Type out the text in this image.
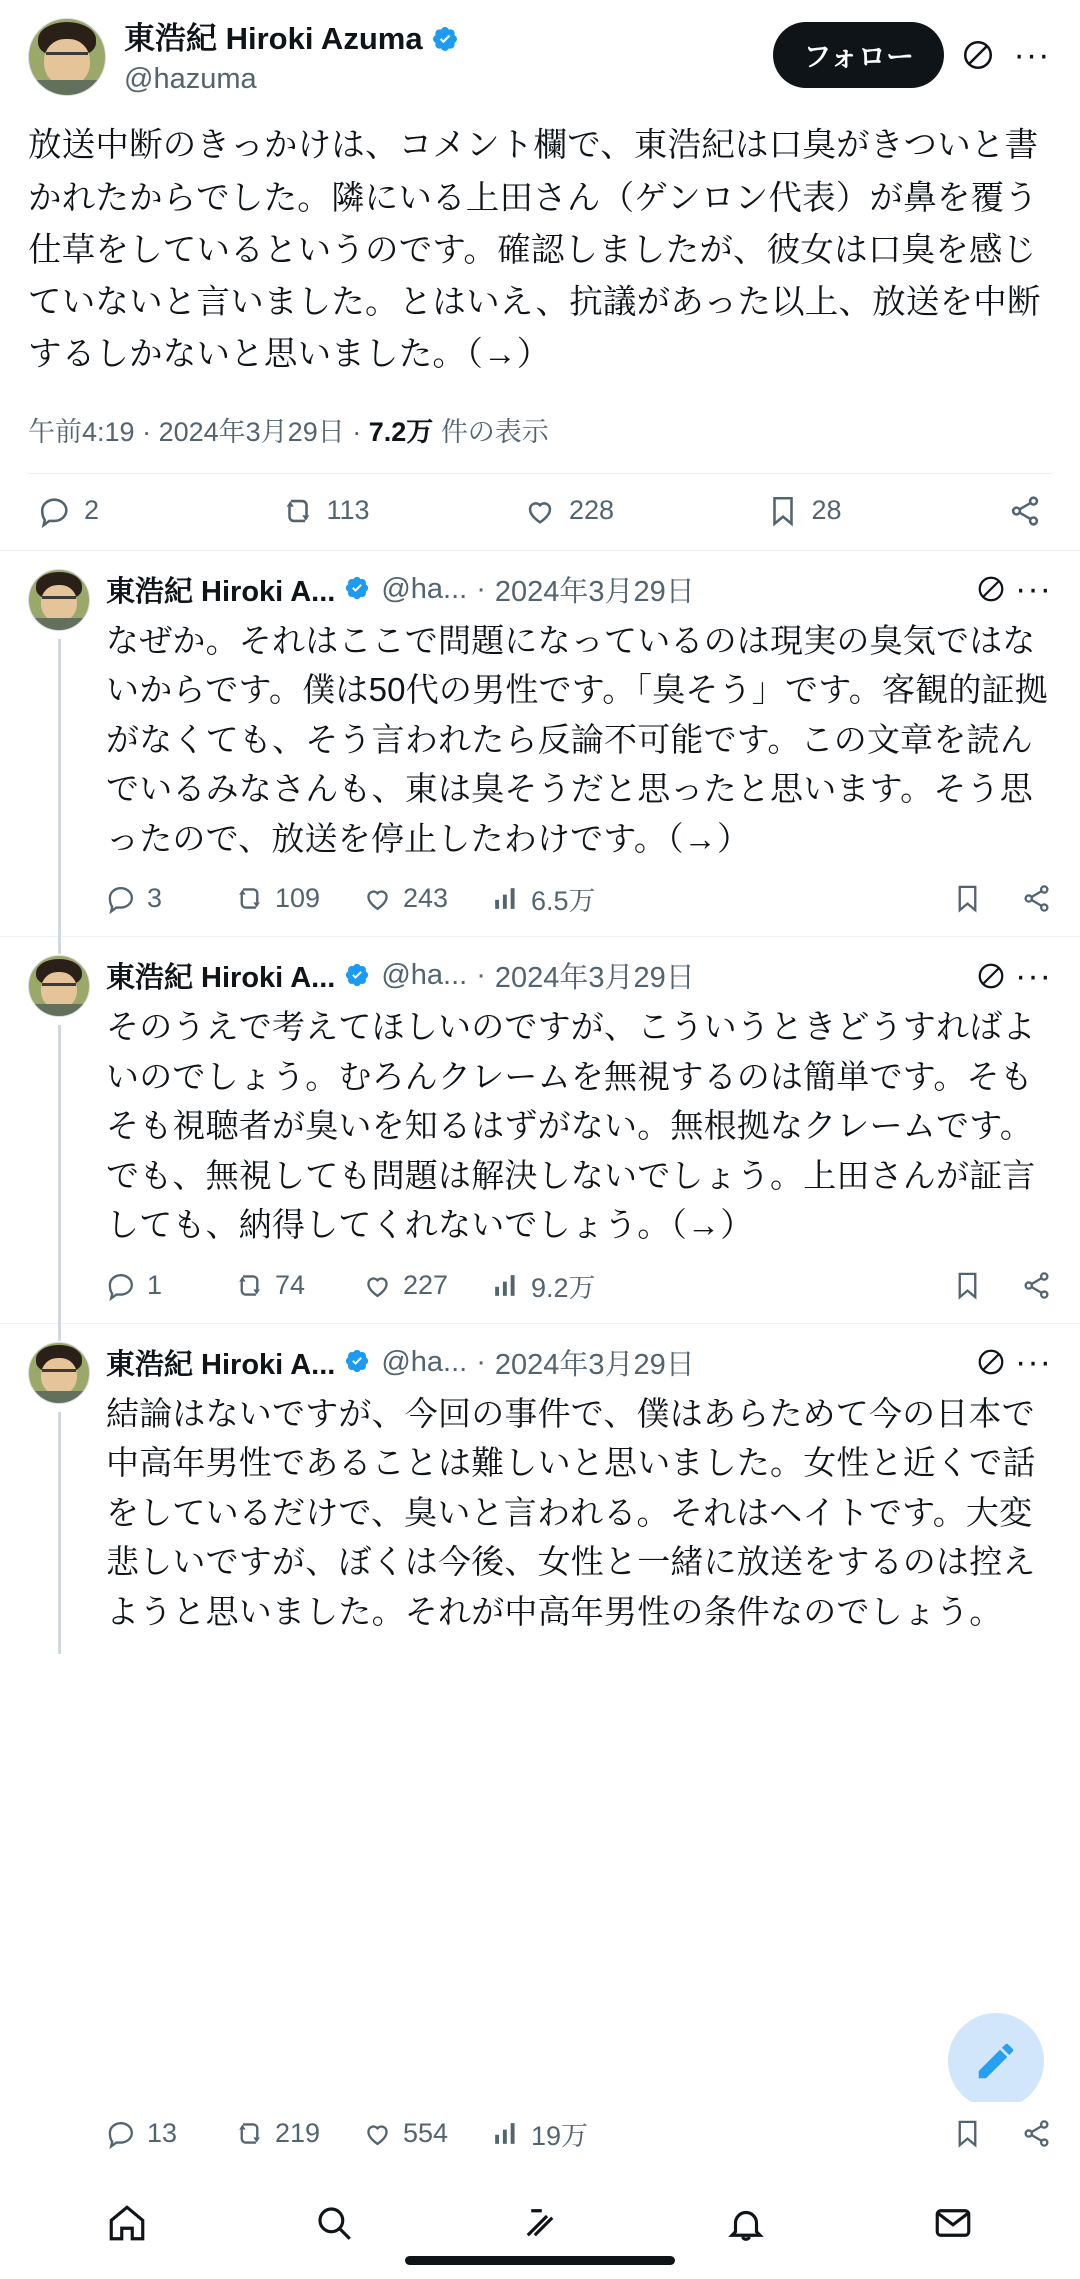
東浩紀 Hiroki Azuma
@hazuma
フォロー	···
放送中断のきっかけは、コメント欄で、東浩紀は口臭がきついと書かれたからでした。隣にいる上田さん（ゲンロン代表）が鼻を覆う仕草をしているというのです。確認しましたが、彼女は口臭を感じていないと言いました。とはいえ、抗議があった以上、放送を中断するしかないと思いました。（→）
午前4:19 · 2024年3月29日 · 7.2万 件の表示
2	113	228	28
東浩紀 Hiroki A... @ha... · 2024年3月29日	···
なぜか。それはここで問題になっているのは現実の臭気ではないからです。僕は50代の男性です。「臭そう」です。客観的証拠がなくても、そう言われたら反論不可能です。この文章を読んでいるみなさんも、東は臭そうだと思ったと思います。そう思ったので、放送を停止したわけです。（→）
3	109	243	6.5万
東浩紀 Hiroki A... @ha... · 2024年3月29日	···
そのうえで考えてほしいのですが、こういうときどうすればよいのでしょう。むろんクレームを無視するのは簡単です。そもそも視聴者が臭いを知るはずがない。無根拠なクレームです。でも、無視しても問題は解決しないでしょう。上田さんが証言しても、納得してくれないでしょう。（→）
1	74	227	9.2万
東浩紀 Hiroki A... @ha... · 2024年3月29日	···
結論はないですが、今回の事件で、僕はあらためて今の日本で中高年男性であることは難しいと思いました。女性と近くで話をしているだけで、臭いと言われる。それはヘイトです。大変悲しいですが、ぼくは今後、女性と一緒に放送をするのは控えようと思いました。それが中高年男性の条件なのでしょう。
13	219	554	19万
